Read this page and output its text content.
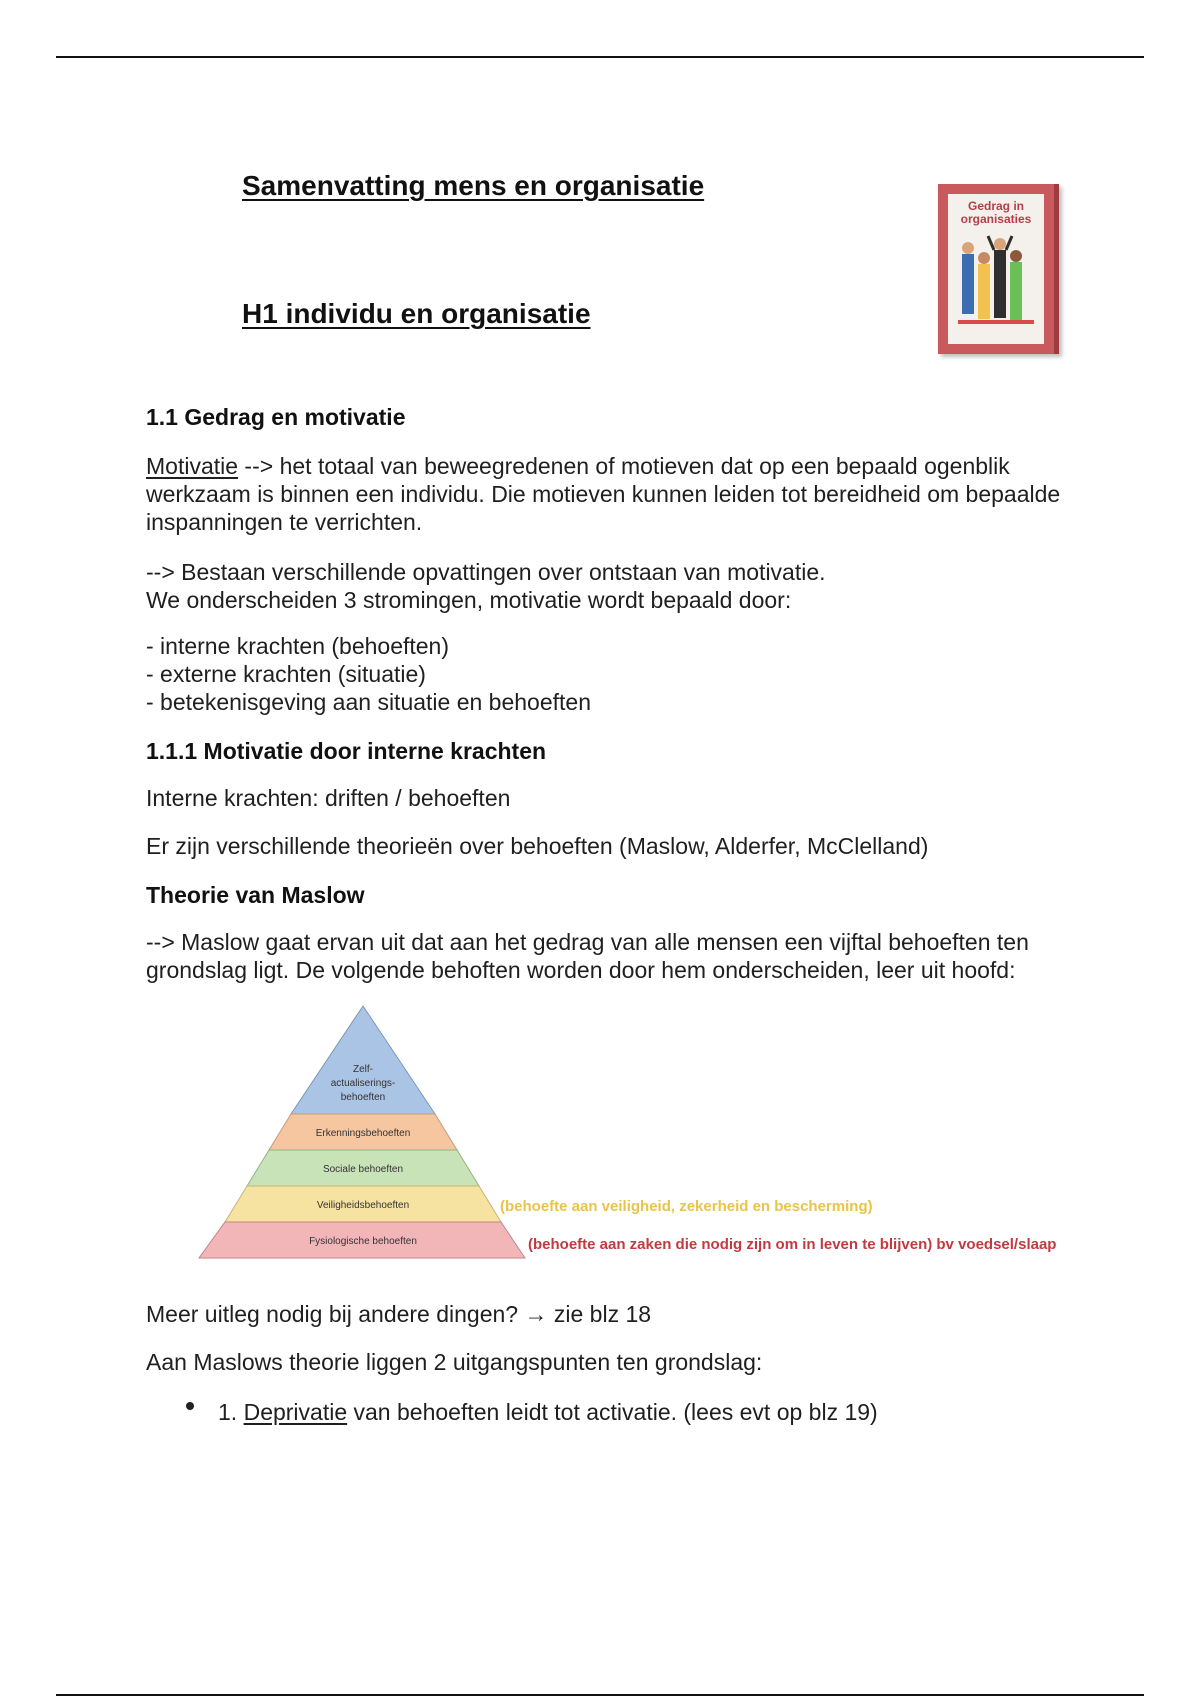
Samenvatting mens en organisatie
H1 individu en organisatie
Gedrag in
organisaties
1.1 Gedrag en motivatie
Motivatie --> het totaal van beweegredenen of motieven dat op een bepaald ogenblik werkzaam is binnen een individu. Die motieven kunnen leiden tot bereidheid om bepaalde inspanningen te verrichten.
--> Bestaan verschillende opvattingen over ontstaan van motivatie.
We onderscheiden 3 stromingen, motivatie wordt bepaald door:
- interne krachten (behoeften)
- externe krachten (situatie)
- betekenisgeving aan situatie en behoeften
1.1.1 Motivatie door interne krachten
Interne krachten: driften / behoeften
Er zijn verschillende theorieën over behoeften (Maslow, Alderfer, McClelland)
Theorie van Maslow
--> Maslow gaat ervan uit dat aan het gedrag van alle mensen een vijftal behoeften ten grondslag ligt. De volgende behoften worden door hem onderscheiden, leer uit hoofd:
Zelf-
actualiserings-
behoeften
Erkenningsbehoeften
Sociale behoeften
Veiligheidsbehoeften
Fysiologische behoeften
(behoefte aan veiligheid, zekerheid en bescherming)
(behoefte aan zaken die nodig zijn om in leven te blijven) bv voedsel/slaap
Meer uitleg nodig bij andere dingen? → zie blz 18
Aan Maslows theorie liggen 2 uitgangspunten ten grondslag:
1. Deprivatie van behoeften leidt tot activatie. (lees evt op blz 19)
